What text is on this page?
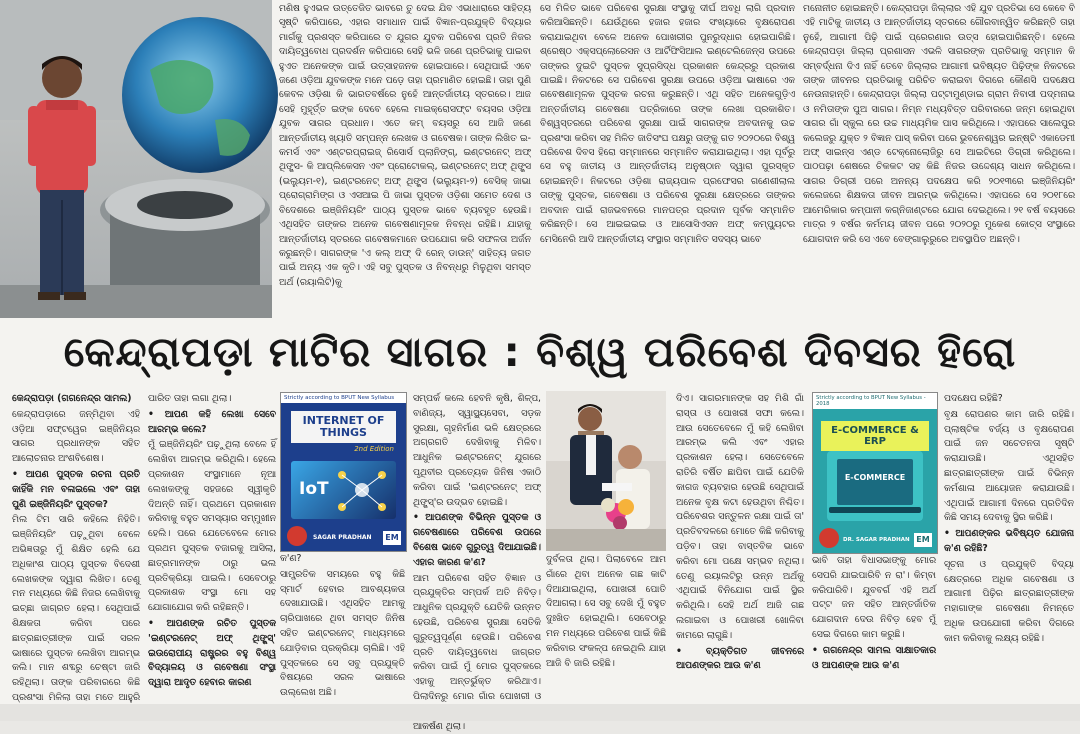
ମଣିଷ ହୁଏଭଳ ଉତ୍ତେଜିତ ଭାବରେ ତୁ ଦେଇ ଯିବ ଏଭାଧାରାରେ ସାହିତ୍ୟ ସୃଷ୍ଟି କରିପାରେ, ଏହାର ସମାଧାନ ପାଇଁ ବିଜ୍ଞାନ-ପ୍ରଯୁକ୍ତି ବିଦ୍ୟାର ମାର୍ଗକୁ ପ୍ରଶସ୍ତ କରିପାରେ ତ ଯୁଗର ଯୁବକ ପରିବେଶ ପ୍ରତି ନିଜର ଦାୟିତ୍ୱବୋଧ ପ୍ରଦର୍ଶନ କରିପାରେ ସେହି ଭଳି ଜଣେ ପ୍ରତିଭାକୁ ପାଇବା ହୁଏତ ଅନେକଙ୍କ ପାଇଁ ଉତ୍ସାହଜନକ ହୋଇପାରେ। ସେଥିପାଇଁ ଏବେ ଜଣେ ଓଡ଼ିଆ ଯୁବକଙ୍କ ମନେ ପଡ଼େ ତାହା ପ୍ରମାଣିତ ହୋଇଛି। ତାହା ପୁଣି କେବଳ ଓଡ଼ିଶା କି ଭାରତବର୍ଷରେ ନୁହେଁ ଆନ୍ତର୍ଜାତୀୟ ସ୍ତରରେ। ଆଜ ସେହି ମୁହୂର୍ତ୍ତ ଇଙ୍କ ଦେବେ ହେଲେ ମାଇକ୍ରୋସଫ୍ଟ ବୟସର ଓଡ଼ିଆ ଯୁବକ ସାଗର ପ୍ରଧାନ। ଏତେ କମ୍ ବୟସରୁ ସେ ଆଜି ଜଣେ ଆନ୍ତର୍ଜାତୀୟ ଖ୍ୟାତି ସମ୍ପନ୍ନ ଲେଖକ ଓ ଗବେଷକ। ତାଙ୍କ ଲିଖିତ ଇ-କମର୍ସ ଏବଂ ଏଣ୍ଟରପ୍ରାଇଜ୍ ରିସୋର୍ସ ପ୍ଲାନିଙ୍ଗ୍, ଇଣ୍ଟରନେଟ୍ ଅଫ୍ ଥିଙ୍ଗ୍ସ- କି ଆପ୍ଲିକେସନ ଏବଂ ପ୍ରୋଟୋକଲ୍, ଇଣ୍ଟରନେଟ୍ ଅଫ୍ ଥିଙ୍ଗ୍ସ (ଭଲ୍ୟୁମ-୧), ଇଣ୍ଟରନେଟ୍ ଅଫ୍ ଥିଙ୍ଗ୍ସ (ଭଲ୍ୟୁମ-୨) ବେସିକ୍ ଜାଭା ପ୍ରୋଗ୍ରାମିଙ୍ଗ ଓ ଏସଆଇ ପି ଜାଭା ପୁସ୍ତକ ଓଡ଼ିଶା ସମେତ ଦେଶ ଓ ବିଦେଶରେ ଇଞ୍ଜିନିୟରିଂ ପାଠ୍ୟ ପୁସ୍ତକ ଭାବେ ବ୍ୟବହୃତ ହେଉଛି। ଏଥିସହିତ ତାଙ୍କର ଅନେକ ଗବେଷଣାମୂଳକ ନିବନ୍ଧ ରହିଛି। ଯାହାକୁ ଆନ୍ତର୍ଜାତୀୟ ସ୍ତରରେ ଗବେଷକମାନେ ଉପଯୋଗ କରି ସଫଳତା ଅର୍ଜନ କରୁଛନ୍ତି। ସାଗରଙ୍କ 'ଏ କଲ୍ ଅଫ୍ ଦି ରେନ୍ ଡାଉନ୍' ସାହିତ୍ୟ ଜଗତ ପାଇଁ ଅନ୍ୟ ଏକ କୃତି। ଏହି ସବୁ ପୁସ୍ତକ ଓ ନିବନ୍ଧରୁ ମିଳୁଥିବା ସମସ୍ତ ଅର୍ଥ (ରୟାଲିଟି)କୁ

ସେ ମିଳିତ ଭାବେ ପରିବେଶ ସୁରକ୍ଷା ସଂସ୍ଥାକୁ ଦୀର୍ଘ ଅବଧି ଲାଗି ପ୍ରଦାନ କରିଆସିଛନ୍ତି। ଯେଉଁଥିରେ ହଜାର ହଜାର ସଂଖ୍ୟାରେ ବୃକ୍ଷରୋପଣ କରାଯାଇଥିବା ବେଳେ ଅନେକ ପୋଖରୀର ପୁନରୁଦ୍ଧାର ହୋଇପାରିଛି। ଶ୍ରେଷ୍ଠ ଏକ୍ସପ୍ଲୋରେସନ ଓ ଆର୍ଟିଫିସିଆଲ ଇଣ୍ଟେଲିଜେନ୍ସ ଉପରେ ତାଙ୍କର ଦୁଇଟି ପୁସ୍ତକ ସୁପ୍ରସିଦ୍ଧ ପ୍ରକାଶନ କେନ୍ଦ୍ରରୁ ପ୍ରକାଶ ପାଇଛି। ନିକଟରେ ସେ ପରିବେଶ ସୁରକ୍ଷା ଉପରେ ଓଡ଼ିଆ ଭାଷାରେ ଏକ ଗବେଷଣାମୂଳକ ପୁସ୍ତକ ରଚନା କରୁଛନ୍ତି। ଏଥି ସହିତ ଅନେକଗୁଡ଼ିଏ ଅନ୍ତର୍ଜାତୀୟ ଗବେଷଣା ପତ୍ରିକାରେ ତାଙ୍କ ଲେଖା ପ୍ରକାଶିତ। ବିଶ୍ୱସ୍ତରରେ ପରିବେଶ ସୁରକ୍ଷା ପାଇଁ ସାଗରଙ୍କ ଅବଦାନକୁ ଉଚ୍ଚ ପ୍ରଶଂସା କରିବା ସହ ମିଳିତ ଜାତିସଂଘ ପକ୍ଷରୁ ତାଙ୍କୁ ଗତ ୨୦୨୦ରେ ବିଶ୍ୱ ପରିବେଶ ଦିବସ ହିରୋ ସମ୍ମାନରେ ସମ୍ମାନିତ କରାଯାଇଥିଲା। ଏହା ପୂର୍ବରୁ ସେ ବହୁ ଜାତୀୟ ଓ ଆନ୍ତର୍ଜାତୀୟ ଅନୁଷ୍ଠାନ ଦ୍ୱାରା ପୁରସ୍କୃତ ହୋଇଛନ୍ତି। ନିକଟରେ ଓଡ଼ିଶା ରାଜ୍ୟପାଳ ପ୍ରଫେସର ଗଣେଶୀଲାଲ ତାଙ୍କୁ ପୁସ୍ତକ, ଗବେଷଣା ଓ ପରିବେଶ ସୁରକ୍ଷା କ୍ଷେତ୍ରରେ ତାଙ୍କର ଅବଦାନ ପାଇଁ ରାଜଭବନରେ ମାନପତ୍ର ପ୍ରଦାନ ପୂର୍ବକ ସମ୍ମାନିତ କରିଛନ୍ତି। ସେ ଆଇଇଇଇ ଓ ଆସୋସିଏସନ ଅଫ୍ କମ୍ପ୍ୟୁଟର ମେସିନେରି ଆଦି ଆନ୍ତର୍ଜାତୀୟ ସଂସ୍ଥାର ସମ୍ମାନିତ ସଦସ୍ୟ ଭାବେ

ମନୋନୀତ ହୋଇଛନ୍ତି। କେନ୍ଦ୍ରାପଡ଼ା ଜିଲ୍ଲାର ଏହି ଯୁବ ପ୍ରତିଭା ସେ କେବେ ବି ଏହି ମାଟିକୁ ଜାତୀୟ ଓ ଆନ୍ତର୍ଜାତୀୟ ସ୍ତରରେ ଗୌରବାନ୍ୱିତ କରିଛନ୍ତି ତାହା ନୁହେଁ, ଆଗାମୀ ପିଢ଼ି ପାଇଁ ପ୍ରେରଣାର ଉତ୍ସ ହୋଇପାରିଛନ୍ତି। ହେଲେ କେନ୍ଦ୍ରାପଡ଼ା ଜିଲ୍ଲା ପ୍ରଶାସନ ଏଭଳି ସାଗରଙ୍କ ପ୍ରତିଭାକୁ ସମ୍ମାନ କି ସମ୍ବର୍ଦ୍ଧନା ଦିଏ ନାହିଁ ତେବେ ଜିଲ୍ଲାର ଆଗାମୀ ଭବିଷ୍ୟତ ପିଢ଼ିଙ୍କ ନିକଟରେ ତାଙ୍କ ଜୀବନର ପ୍ରତିଭାକୁ ପରିଚିତ କରାଇବା ଦିଗରେ କୌଣସି ପଦକ୍ଷେପ ନେଉନାହାନ୍ତି। କେନ୍ଦ୍ରାପଡ଼ା ଜିଲ୍ଲା ପଟ୍ଟାମୁଣ୍ଡାଇ ଗ୍ରାମ ନିବାସୀ ପଦ୍ମନାଭ ଓ ନମିତାଙ୍କ ପୁଅ ସାଗର। ନିମ୍ନ ମଧ୍ୟବିତ୍ତ ପରିବାରରେ ଜନ୍ମ ହୋଇଥିବା ସାଗର ଗାଁ ସ୍କୁଲ ରେ ଉଚ୍ଚ ମାଧ୍ୟମିକ ପାସ କରିଥିଲେ। ଏହାପରେ ସାଲେପୁର କଲେଜରୁ ଯୁକ୍ତ ୨ ବିଜ୍ଞାନ ପାସ୍ କରିବା ପରେ ଭୁବନେଶ୍ୱର ଇନ୍ଷ୍ଟି ଏକାଡେମୀ ଅଫ୍ ସାଇନ୍ସ ଏଣ୍ଡ ଟେକ୍ନୋଲୋଜିରୁ ସେ ଆଇଟିରେ ଡିଗ୍ରୀ କରିଥିଲେ। ପାଠପଢ଼ା ଶେଷରେ ଚିକକଟ ସହ କିଛି ନିଜର ଉଦ୍ଦେଶ୍ୟ ସାଧନ କରିଥିଲେ। ସାଗର ଡିଗ୍ରୀ ପରେ ଅନନ୍ୟ ପଦକ୍ଷେପ କରି ୨୦୧୩ରେ ଇଞ୍ଜିନିୟରିଂ କଲେଜରେ ଶିକ୍ଷକତା ଜୀବନ ଆରମ୍ଭ କରିଥିଲେ। ଏହାପରେ ସେ ୨୦୧୮ରେ ଆମେରିକାର କମ୍ପାନୀ କଗ୍ନିଜାଣ୍ଟରେ ଯୋଗ ଦେଇଥିଲେ। ୨୧ ବର୍ଷ ବୟସରେ ମାତ୍ର ୨ ବର୍ଷର କର୍ମମୟ ଜୀବନ ପରେ ୨୦୨୦ରୁ ମୁକେଶ କୋଚ୍ସ ସଂସ୍ଥାରେ ଯୋଗଦାନ କରି ସେ ଏବେ ବେଙ୍ଗାଲୁରୁରେ ଅବସ୍ଥାପିତ ଅଛନ୍ତି।

କେନ୍ଦ୍ରାପଡ଼ା ମାଟିର ସାଗର : ବିଶ୍ୱ ପରିବେଶ ଦିବସର ହିରୋ

କେନ୍ଦ୍ରାପଡ଼ା (ଗଗନେନ୍ଦ୍ର ସାମଲ)

କେନ୍ଦ୍ରାପଡ଼ାରେ ଜନ୍ମିଥିବା ଏହି ଓଡ଼ିଆ ସଫ୍ଟୱେର ଇଞ୍ଜିନିୟର ସାଗର ପ୍ରଧାନଙ୍କ ସହିତ ଆଲୋଚନାର ଅଂଶବିଶେଷ।

• ଆପଣ ପୁସ୍ତକ ରଚନା ପ୍ରତି କାହିଁକି ମନ ବଳାଇଲେ ଏବଂ ତାହା ପୁଣି ଇଞ୍ଜିନିୟରିଂ ପୁସ୍ତକ?

ମିଲ ଟିମ ସାରି କହିଲେ ନିହିତି। ଇଞ୍ଜିନିୟରିଂ ପଢ଼ୁଥିବା ବେଳେ ଅଭିଜ୍ଞତାରୁ ମୁଁ ଶିକ୍ଷିତ ହେଲି ଯେ ଅଧିକାଂଶ ପାଠ୍ୟ ପୁସ୍ତକ ବିଦେଶୀ ଲେଖକଙ୍କ ଦ୍ୱାରା ଲିଖିତ। ତେଣୁ ମନ ମଧ୍ୟରେ କିଛି ନିଜର ଲେଖିବାକୁ ଇଚ୍ଛା ଜାଗ୍ରତ ହେଲା। ସେଥିପାଇଁ ଶିକ୍ଷକତା କରିବା ପରେ ଛାତ୍ରଛାତ୍ରୀଙ୍କ ପାଇଁ ସରଳ ଭାଷାରେ ପୁସ୍ତକ ଲେଖିବା ଆରମ୍ଭ କଲି। ମାନ ଶବ୍ଦରୁ ଚେଷ୍ଟା ଜାରି ରହିଥିଲା। ତାଙ୍କ ପରିବାରରେ କିଛି ପ୍ରଶଂସା ମିଳିଲା ତାହା ମତେ ଆହୁରି

ପାରିତ ତାହା ଲଗା ଥିଲା।

• ଆପଣ କହି ଲେଖା ସେବେ ଆରମ୍ଭ କଲେ?

ମୁଁ ଇଞ୍ଜିନିୟରିଂ ପଢ଼ୁଥିଲା ବେଳେ ହିଁ ଲେଖିବା ଆରମ୍ଭ କରିଥିଲି। ହେଲେ ପ୍ରକାଶନ ସଂସ୍ଥାମାନେ ନୂଆ ଲେଖକଙ୍କୁ ସହଜରେ ସ୍ୱୀକୃତି ଦିଅନ୍ତି ନାହିଁ। ପ୍ରଥମେ ପ୍ରକାଶନ କରିବାକୁ ବହୁତ ସମସ୍ୟାର ସମ୍ମୁଖୀନ ହେଲି। ପରେ ଯେତେବେଳେ ମୋର ପ୍ରଥମ ପୁସ୍ତକ ବଜାରକୁ ଆସିଲା, ଛାତ୍ରମାନଙ୍କ ଠାରୁ ଭଲ ପ୍ରତିକ୍ରିୟା ପାଇଲି। ସେବେଠାରୁ ପ୍ରକାଶକ ସଂସ୍ଥା ମୋ ସହ ଯୋଗାଯୋଗ କରି ରହିଛନ୍ତି।

• ଆପଣଙ୍କ ରଚିତ ପୁସ୍ତକ 'ଇଣ୍ଟରନେଟ୍ ଅଫ୍ ଥିଙ୍ଗ୍ସ୍' ଇଉରୋପୀୟ ରାଷ୍ଟ୍ରର ବହୁ ବିଶ୍ୱ ବିଦ୍ୟାଳୟ ଓ ଗବେଷଣା ସଂସ୍ଥା ଦ୍ୱାରା ଆଦୃତ ହେବାର କାରଣ

Strictly according to BPUT New Syllabus
INTERNET OF THINGS
2nd Edition
IoT
SAGAR PRADHAN EM

କ'ଣ?

ସାମ୍ପ୍ରତିକ ସମୟରେ ବହୁ କିଛି ସ୍ମାର୍ଟ ହେବାର ଆବଶ୍ୟକତା ଦେଖାଯାଉଛି। ଏଥିସହିତ ଆମକୁ ଚାରିପାଖରେ ଥିବା ସମସ୍ତ ଜିନିଷ ସହିତ ଇଣ୍ଟରନେଟ୍ ମାଧ୍ୟମରେ ଯୋଡ଼ିବାର ପ୍ରକ୍ରିୟା ଚାଲିଛି। ଏହି ପୁସ୍ତକରେ ସେ ସବୁ ପ୍ରଯୁକ୍ତି ବିଷୟରେ ସରଳ ଭାଷାରେ ଉଲ୍ଲେଖ ଅଛି।

ସମ୍ପର୍କ କଲେ ହେବନି କୃଷି, ଶିଳ୍ପ, ବାଣିଜ୍ୟ, ସ୍ୱାସ୍ଥ୍ୟସେବା, ସଡ଼କ ସୁରକ୍ଷା, ଗୃହନିର୍ମାଣ ଭଳି କ୍ଷେତ୍ରରେ ଅଗ୍ରଗତି ଦେଖିବାକୁ ମିଳିବ। ଆଧୁନିକ ଇଣ୍ଟରନେଟ୍ ଯୁଗରେ ପୃଥିବୀର ପ୍ରତ୍ୟେକ ଜିନିଷ ଏକାଠି କରିବା ପାଇଁ 'ଇଣ୍ଟରନେଟ୍ ଅଫ୍ ଥିଙ୍ଗ୍ସ୍'ର ଉଦ୍ଭବ ହୋଇଛି।

• ଆପଣଙ୍କ ବିଭିନ୍ନ ପୁସ୍ତକ ଓ ଗବେଷଣାରେ ପରିବେଶ ଉପରେ ବିଶେଷ ଭାବେ ଗୁରୁତ୍ୱ ଦିଆଯାଇଛି। ଏହାର କାରଣ କ'ଣ?

ଆମ ପରିବେଶ ସହିତ ବିଜ୍ଞାନ ଓ ପ୍ରଯୁକ୍ତିର ସମ୍ପର୍କ ଅତି ନିବିଡ଼। ଆଧୁନିକ ପ୍ରଯୁକ୍ତି ଯେତିକି ଉନ୍ନତ ହେଉଛି, ପରିବେଶ ସୁରକ୍ଷା ସେତିକି ଗୁରୁତ୍ୱପୂର୍ଣ୍ଣ ହେଉଛି। ପରିବେଶ ପ୍ରତି ଦାୟିତ୍ୱବୋଧ ଜାଗ୍ରତ କରିବା ପାଇଁ ମୁଁ ମୋର ପୁସ୍ତକରେ ଏହାକୁ ଅନ୍ତର୍ଭୁକ୍ତ କରିଥାଏ। ପିଲାଦିନରୁ ମୋର ଗାଁର ପୋଖରୀ ଓ ଆକର୍ଷଣ ଥିଲା।

ଦୁର୍ବଳତା ଥିଲା। ପିଲାବେଳେ ଆମ ଗାଁରେ ଥିବା ଅନେକ ଗଛ କାଟି ଦିଆଯାଇଥିଲା, ପୋଖରୀ ପୋତି ଦିଆଗଲା। ସେ ସବୁ ଦେଖି ମୁଁ ବହୁତ ଦୁଃଖିତ ହୋଇଥିଲି। ସେବେଠାରୁ ମନ ମଧ୍ୟରେ ପରିବେଶ ପାଇଁ କିଛି କରିବାର ସଂକଳ୍ପ ନେଇଥିଲି ଯାହା ଆଜି ବି ଜାରି ରହିଛି।

ଦିଏ। ସାଗରମାନଙ୍କ ସହ ମିଶି ଗାଁ ରାସ୍ତା ଓ ପୋଖରୀ ସଫା କଲେ। ଆଉ ସେତେବେଳେ ମୁଁ କହି ଲେଖିବା ଆରମ୍ଭ କଲି ଏବଂ ଏହାର ପ୍ରକାଶନ ହେଲା। ସେତେବେଳେ ରାତିରି ବର୍ଷିତ ଛାପିବା ପାଇଁ ଯେତିକି କାଗଜ ବ୍ୟବହାର ହେଉଛି ସେଥିପାଇଁ ଅନେକ ବୃକ୍ଷ କଟା ହେଉଥିବା ନିଶ୍ଚିତ। ପରିବେଶର ସନ୍ତୁଳନ ରକ୍ଷା ପାଇଁ ତା' ପ୍ରତିବଦଳରେ ମୋତେ କିଛି କରିବାକୁ ପଡ଼ିବ। ତାହା ବାସ୍ତବିକ ଭାବେ କରିବା ମୋ ପକ୍ଷେ ସମ୍ଭବ ନଥିଲା। ତେଣୁ ରୟାଲଟିରୁ ଉନ୍ନ ଅର୍ଥକୁ ଏଥିପାଇଁ ବିନିଯୋଗ ପାଇଁ ସ୍ଥିର କରିଥିଲି। ସେହି ଅର୍ଥ ଆଜି ଗଛ ଲଗାଇବା ଓ ପୋଖରୀ ଖୋଳିବା କାମରେ ଲାଗୁଛି।

• ବ୍ୟକ୍ତିଗତ ଜୀବନରେ ଆପଣଙ୍କର ଆଉ କ'ଣ

Strictly according to BPUT New Syllabus - 2018
E-COMMERCE & ERP
E-COMMERCE
DR. SAGAR PRADHAN EM

ଭାବି ତାହା ବିଧାସଭାଙ୍କୁ ମୋର ସେପରି ଯାଇପାରିବି ନ ରା'। କିମ୍ବା କରିପାରିବି। ଯୁବବର୍ଗ ଏହି ଅର୍ଥ ପଟ୍ଟ ଜନ ସହିତ ଆନ୍ତର୍ଜାତିକ ଯୋଗଦାନ ଦେଉ ନିବିଡ଼ ହେବ ମୁଁ ସେଇ ଦିଗରେ କାମ କରୁଛି।

• ଗଗନେନ୍ଦ୍ର ସାମଲ ସାକ୍ଷାତକାର ଓ ଆପଣଙ୍କ ଆଉ କ'ଣ

ପଦକ୍ଷେପ ରହିଛି?

ବୃକ୍ଷ ରୋପଣର କାମ ଜାରି ରହିଛି। ପ୍ଲାଷ୍ଟିକ ବର୍ଜ୍ୟ ଓ ବୃକ୍ଷରୋପଣ ପାଇଁ ଜନ ସଚେତନତା ସୃଷ୍ଟି କରାଯାଉଛି। ଏଥିସହିତ ଛାତ୍ରଛାତ୍ରୀଙ୍କ ପାଇଁ ବିଭିନ୍ନ କର୍ମଶାଳା ଆୟୋଜନ କରାଯାଉଛି। ଏଥିପାଇଁ ଆଗାମୀ ଦିନରେ ପ୍ରତିଦିନ କିଛି ସମୟ ଦେବାକୁ ସ୍ଥିର କରିଛି।

• ଆପଣଙ୍କର ଭବିଷ୍ୟତ ଯୋଜନା କ'ଣ ରହିଛି?

ସୂଚନା ଓ ପ୍ରଯୁକ୍ତି ବିଦ୍ୟା କ୍ଷେତ୍ରରେ ଅଧିକ ଗବେଷଣା ଓ ଆଗାମୀ ପିଢ଼ିର ଛାତ୍ରଛାତ୍ରୀଙ୍କ ମହାଗାଙ୍କ ଗବେଷଣା ନିମନ୍ତେ ଅଧିକ ଉପଯୋଗୀ କରିବା ଦିଗରେ କାମ କରିବାକୁ ଲକ୍ଷ୍ୟ ରହିଛି।
